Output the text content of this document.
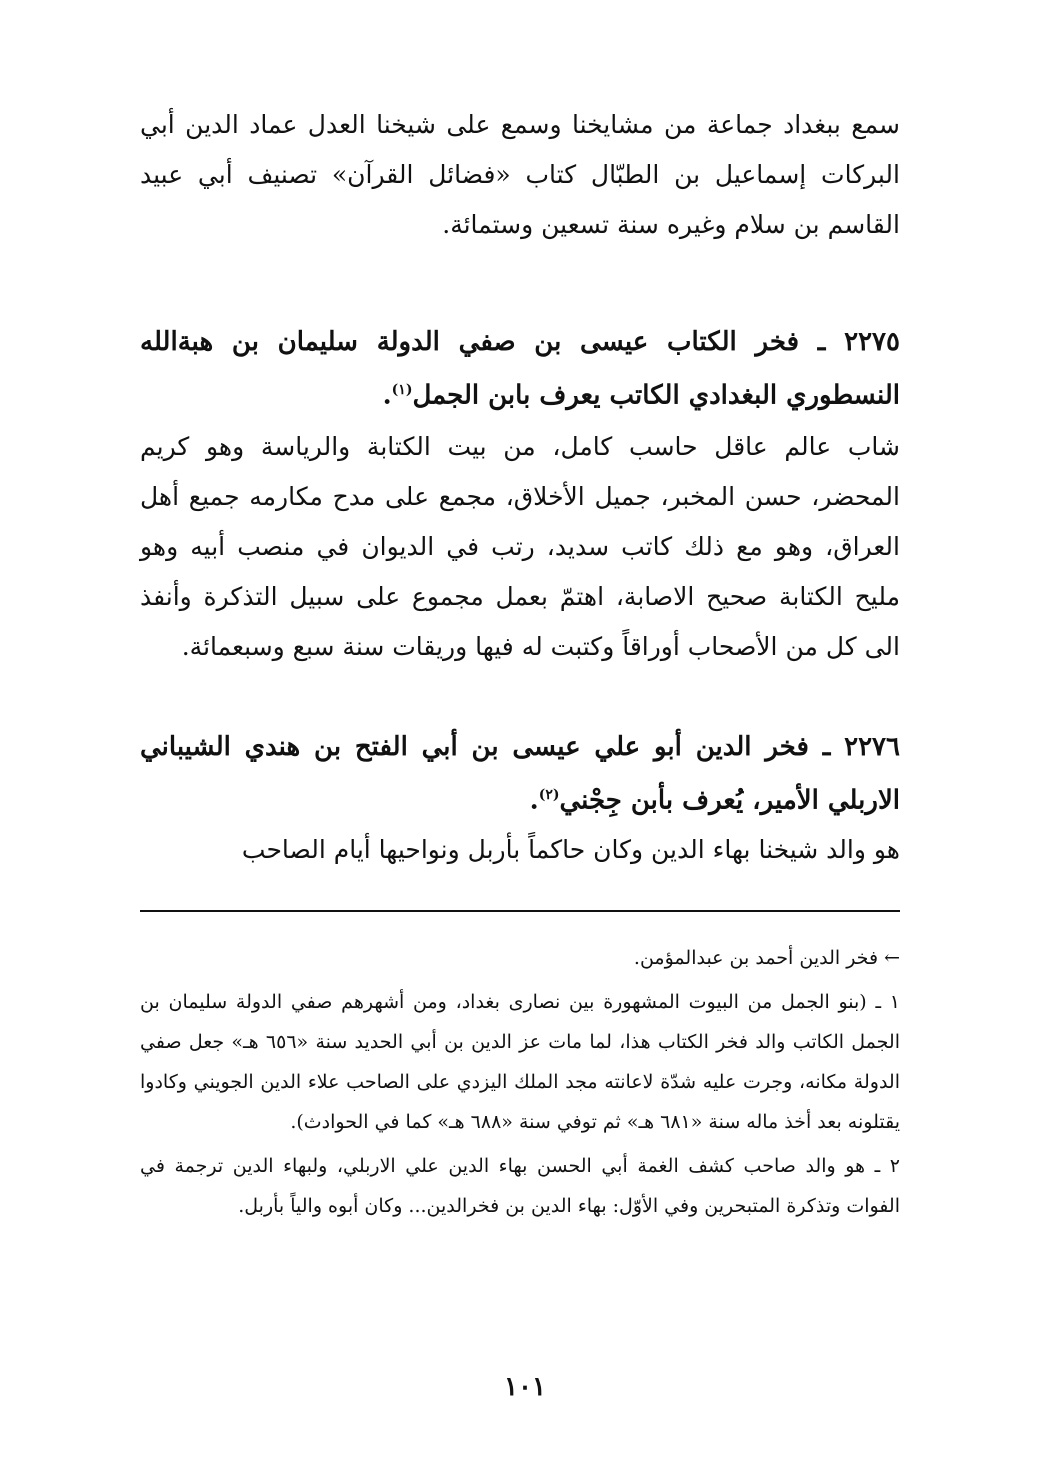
سمع ببغداد جماعة من مشايخنا وسمع على شيخنا العدل عماد الدين أبي البركات إسماعيل بن الطبّال كتاب «فضائل القرآن» تصنيف أبي عبيد القاسم بن سلام وغيره سنة تسعين وستمائة.

٢٢٧٥ ـ فخر الكتاب عيسى بن صفي الدولة سليمان بن هبةالله النسطوري البغدادي الكاتب يعرف بابن الجمل$^{(١)}$.

شاب عالم عاقل حاسب كامل، من بيت الكتابة والرياسة وهو كريم المحضر، حسن المخبر، جميل الأخلاق، مجمع على مدح مكارمه جميع أهل العراق، وهو مع ذلك كاتب سديد، رتب في الديوان في منصب أبيه وهو مليح الكتابة صحيح الاصابة، اهتمّ بعمل مجموع على سبيل التذكرة وأنفذ الى كل من الأصحاب أوراقاً وكتبت له فيها وريقات سنة سبع وسبعمائة.

٢٢٧٦ ـ فخر الدين أبو علي عيسى بن أبي الفتح بن هندي الشيباني الاربلي الأمير، يُعرف بأبن جِجْني$^{(٢)}$.

هو والد شيخنا بهاء الدين وكان حاكماً بأربل ونواحيها أيام الصاحب

← فخر الدين أحمد بن عبدالمؤمن.

١ ـ (بنو الجمل من البيوت المشهورة بين نصارى بغداد، ومن أشهرهم صفي الدولة سليمان بن الجمل الكاتب والد فخر الكتاب هذا، لما مات عز الدين بن أبي الحديد سنة «٦٥٦ هـ» جعل صفي الدولة مكانه، وجرت عليه شدّة لاعانته مجد الملك اليزدي على الصاحب علاء الدين الجويني وكادوا يقتلونه بعد أخذ ماله سنة «٦٨١ هـ» ثم توفي سنة «٦٨٨ هـ» كما في الحوادث).

٢ ـ هو والد صاحب كشف الغمة أبي الحسن بهاء الدين علي الاربلي، ولبهاء الدين ترجمة في الفوات وتذكرة المتبحرين وفي الأوّل: بهاء الدين بن فخرالدين... وكان أبوه والياً بأربل.

١٠١
